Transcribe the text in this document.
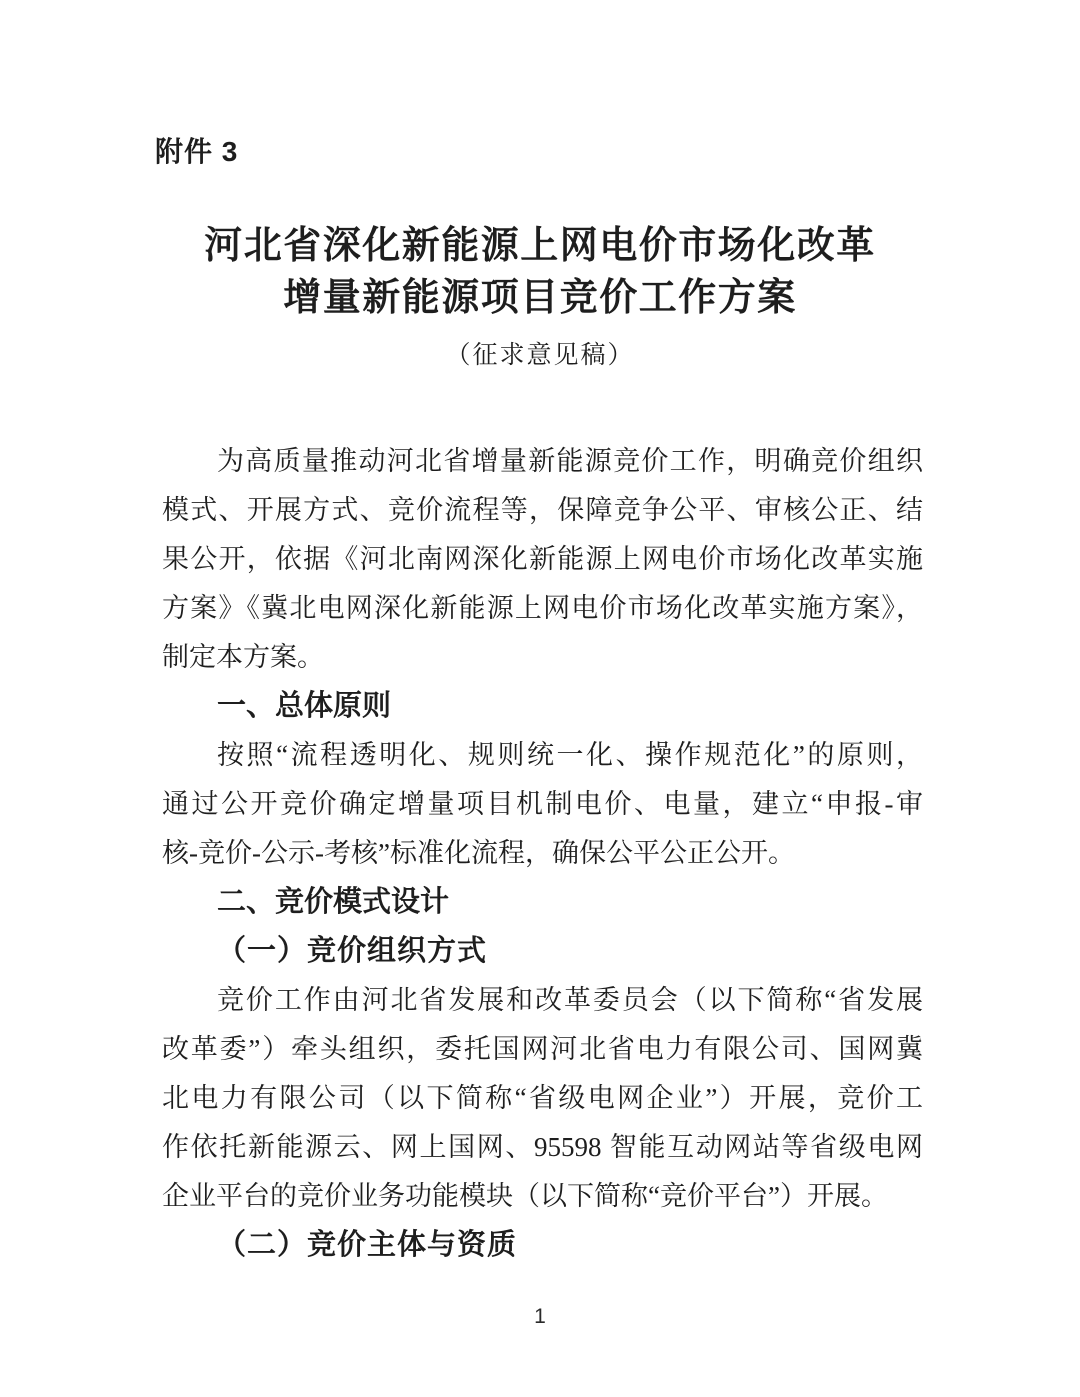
附件 3
河北省深化新能源上网电价市场化改革
增量新能源项目竞价工作方案
（征求意见稿）
为高质量推动河北省增量新能源竞价工作，明确竞价组织
模式、开展方式、竞价流程等，保障竞争公平、审核公正、结
果公开，依据《河北南网深化新能源上网电价市场化改革实施
方案》《冀北电网深化新能源上网电价市场化改革实施方案》，
制定本方案。
一、总体原则
按照“流程透明化、规则统一化、操作规范化”的原则，
通过公开竞价确定增量项目机制电价、电量，建立“申报-审
核-竞价-公示-考核”标准化流程，确保公平公正公开。
二、竞价模式设计
（一）竞价组织方式
竞价工作由河北省发展和改革委员会（以下简称“省发展
改革委”）牵头组织，委托国网河北省电力有限公司、国网冀
北电力有限公司（以下简称“省级电网企业”）开展，竞价工
作依托新能源云、网上国网、95598 智能互动网站等省级电网
企业平台的竞价业务功能模块（以下简称“竞价平台”）开展。
（二）竞价主体与资质
1
